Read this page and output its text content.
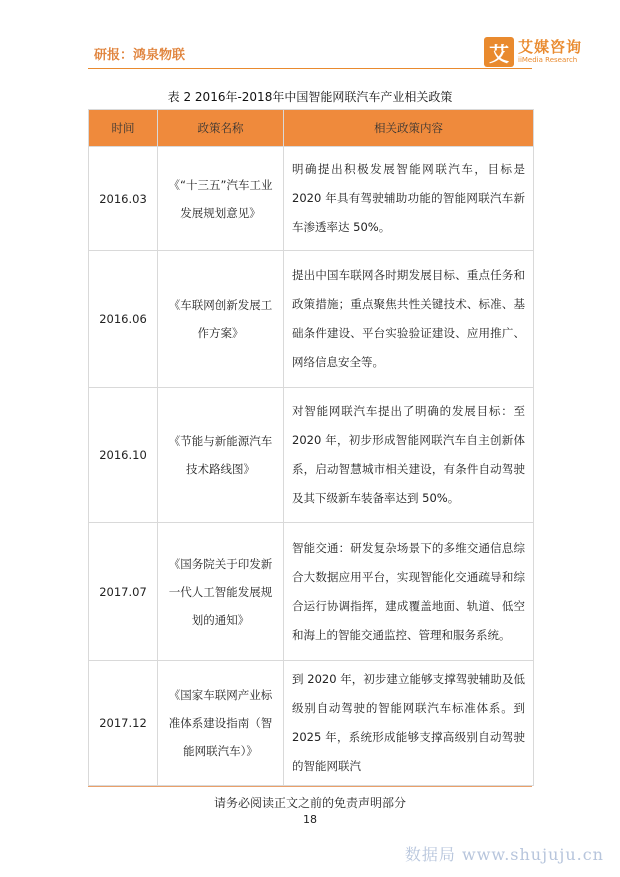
研报：鸿泉物联	艾 艾媒咨询
iiMedia Research
表 2 2016年-2018年中国智能网联汽车产业相关政策
时间	政策名称	相关政策内容
2016.03	《“十三五”汽车工业发展规划意见》	明确提出积极发展智能网联汽车，目标是 2020 年具有驾驶辅助功能的智能网联汽车新车渗透率达 50%。
2016.06	《车联网创新发展工作方案》	提出中国车联网各时期发展目标、重点任务和政策措施；重点聚焦共性关键技术、标准、基础条件建设、平台实验验证建设、应用推广、网络信息安全等。
2016.10	《节能与新能源汽车技术路线图》	对智能网联汽车提出了明确的发展目标：至 2020 年，初步形成智能网联汽车自主创新体系，启动智慧城市相关建设，有条件自动驾驶及其下级新车装备率达到 50%。
2017.07	《国务院关于印发新一代人工智能发展规划的通知》	智能交通：研发复杂场景下的多维交通信息综合大数据应用平台，实现智能化交通疏导和综合运行协调指挥，建成覆盖地面、轨道、低空和海上的智能交通监控、管理和服务系统。
2017.12	《国家车联网产业标准体系建设指南（智能网联汽车）》	到 2020 年，初步建立能够支撑驾驶辅助及低级别自动驾驶的智能网联汽车标准体系。到 2025 年，系统形成能够支撑高级别自动驾驶的智能网联汽
请务必阅读正文之前的免责声明部分
18
数据局 www.shujuju.cn
